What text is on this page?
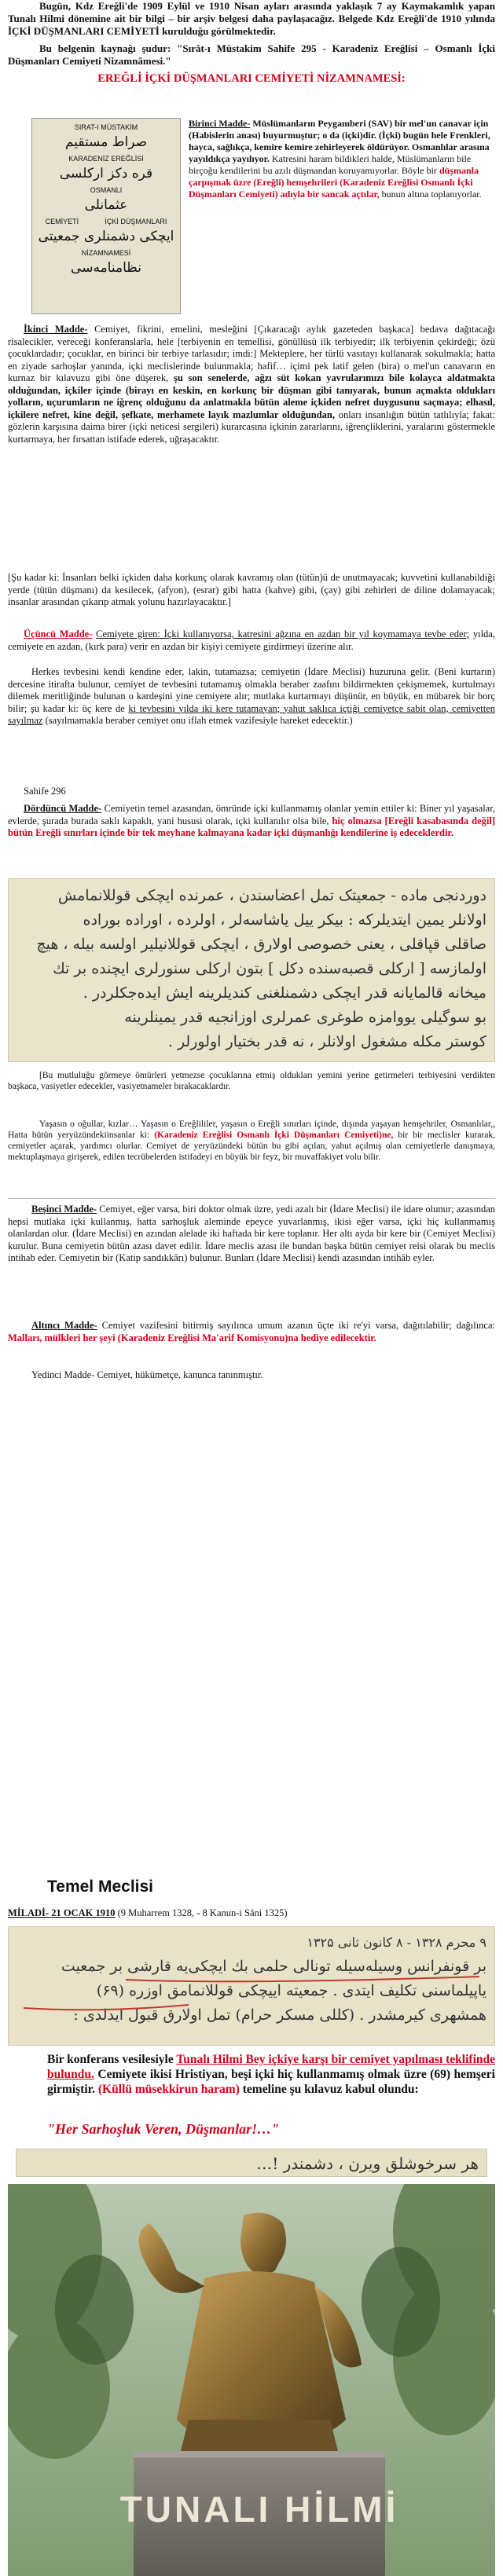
Bugün, Kdz Ereğli'de 1909 Eylül ve 1910 Nisan ayları arasında yaklaşık 7 ay Kaymakamlık yapan Tunalı Hilmi dönemine ait bir bilgi – bir arşiv belgesi daha paylaşacağız. Belgede Kdz Ereğli'de 1910 yılında İÇKİ DÜŞMANLARI CEMİYETİ kurulduğu görülmektedir.

Bu belgenin kaynağı şudur: "Sırât-ı Müstakim Sahife 295 - Karadeniz Ereğlisi – Osmanlı İçki Düşmanları Cemiyeti Nizamnâmesi."

EREĞLİ İÇKİ DÜŞMANLARI CEMİYETİ NİZAMNAMESİ:
SIRAT-I MÜSTAKİM
صراط مستقيم
KARADENİZ EREĞLİSİ
قره دکز ارکلسی
OSMANLI
عثمانلی
CEMİYETİ	İÇKİ DÜŞMANLARI
ايچکی دشمنلری جمعیتی
NİZAMNAMESİ
نظامنامه‌سی
Birinci Madde- Müslümanların Peygamberi (SAV) bir mel'un canavar için (Habislerin anası) buyurmuştur; o da (içki)dir. (İçki) bugün hele Frenkleri, hayca, sağlıkça, kemire kemire zehirleyerek öldürüyor. Osmanlılar arasına yayıldıkça yayılıyor. Katresini haram bildikleri halde, Müslümanların bile birçoğu kendilerini bu azılı düşmandan koruyamıyorlar. Böyle bir düşmanla çarpışmak üzre (Ereğli) hemşehrileri (Karadeniz Ereğlisi Osmanlı İçki Düşmanları Cemiyeti) adıyla bir sancak açtılar, bunun altına toplanıyorlar.
İkinci Madde- Cemiyet, fikrini, emelini, mesleğini [Çıkaracağı aylık gazeteden başkaca] bedava dağıtacağı risalecikler, vereceği konferanslarla, hele [terbiyenin en temellisi, gönüllüsü ilk terbiyedir; ilk terbiyenin çekirdeği; özü çocuklardadır; çocuklar, en birinci bir terbiye tarlasıdır; imdi:] Mekteplere, her türlü vasıtayı kullanarak sokulmakla; hatta en ziyade sarhoşlar yanında, içki meclislerinde bulunmakla; hafif… içimi pek latif gelen (bira) o mel'un canavarın en kurnaz bir kılavuzu gibi öne düşerek, şu son senelerde, ağzı süt kokan yavrularımızı bile kolayca aldatmakta olduğundan, içkiler içinde (birayı en keskin, en korkunç bir düşman gibi tanıyarak, bunun açmakta oldukları yolların, uçurumların ne iğrenç olduğunu da anlatmakla bütün aleme içkiden nefret duygusunu saçmaya; elhasıl, içkilere nefret, kine değil, şefkate, merhamete layık mazlumlar olduğundan, onları insanlığın bütün tatlılıyla; fakat: gözlerin karşısına daima birer (içki neticesi sergileri) kurarcasına içkinin zararlarını, iğrençliklerini, yaralarını göstermekle kurtarmaya, her fırsattan istifade ederek, uğraşacaktır.
[Şu kadar ki: İnsanları belki içkiden daha korkunç olarak kavramış olan (tütün)ü de unutmayacak; kuvvetini kullanabildiği yerde (tütün düşmanı) da kesilecek, (afyon), (esrar) gibi hatta (kahve) gibi, (çay) gibi zehirleri de diline dolamayacak; insanlar arasından çıkarıp atmak yolunu hazırlayacaktır.]
Üçüncü Madde- Cemiyete giren: İçki kullanıyorsa, katresini ağzına en azdan bir yıl koymamaya tevbe eder; yılda, cemiyete en azdan, (kırk para) verir en azdan bir kişiyi cemiyete girdirmeyi üzerine alır.
Herkes tevbesini kendi kendine eder, lakin, tutamazsa; cemiyetin (İdare Meclisi) huzuruna gelir. (Beni kurtarın) dercesine itirafta bulunur, cemiyet de tevbesini tutamamış olmakla beraber zaafını bildirmekten çekişmemek, kurtulmayı dilemek meritliğinde bulunan o kardeşini yine cemiyete alır; mutlaka kurtarmayı düşünür, en büyük, en mübarek bir borç bilir; şu kadar ki: üç kere de ki tevbesini yılda iki kere tutamayan; yahut saklıca içtiği cemiyetçe sabit olan, cemiyetten sayılmaz (sayılmamakla beraber cemiyet onu iflah etmek vazifesiyle hareket edecektir.)
Sahife 296
Dördüncü Madde- Cemiyetin temel azasından, ömründe içki kullanmamış olanlar yemin ettiler ki: Biner yıl yaşasalar, evlerde, şurada burada saklı kapaklı, yani hususi olarak, içki kullanılır olsa bile, hiç olmazsa [Ereğli kasabasında değil] bütün Ereğli sınırları içinde bir tek meyhane kalmayana kadar içki düşmanlığı kendilerine iş edeceklerdir.
دوردنجی ماده - جمعیتک تمل اعضاسندن ، عمرنده ایچکی قوللانمامش
اولانلر یمین ایتدیلرکه : بیکر ییل یاشاسه‌لر ، اولرده ، اوراده بوراده
صاقلی قپاقلی ، یعنی خصوصی اولارق ، ایچکی قوللانیلیر اولسه بیله ، هیچ
اولمازسه [ ارکلی قصبه‌سنده دکل ] بتون ارکلی سنورلری ایچنده بر تك
میخانه قالمایانه قدر ایچکی دشمنلغنی کندیلرینه ایش ایده‌جکلردر .
بو سوگیلی یووامزه طوغری عمرلری اوزانجیه قدر یمینلرینه
کوستر مکله مشغول اولانلر ، نه قدر بختیار اولورلر .
[Bu mutluluğu görmeye ömürleri yetmezse çocuklarına etmiş oldukları yemini yerine getirmeleri terbiyesini verdikten başkaca, vasiyetler edecekler, vasiyetnameler bırakacaklardır.
Yaşasın o oğullar, kızlar… Yaşasın o Ereğlililer, yaşasın o Ereğli sınırları içinde, dışında yaşayan hemşehriler, Osmanlılar,, Hatta bütün yeryüzündekiinsanlar ki: (Karadeniz Ereğlisi Osmanlı İçki Düşmanları Cemiyeti)ne, bir bir meclisler kurarak, cemiyetler açarak, yardımcı olurlar. Cemiyet de yeryüzündeki bütün bu gibi açılan, yahut açılmış olan cemiyetlerle danışmaya, mektuplaşmaya girişerek, edilen tecrübelerden istifadeyi en büyük bir feyz, bir muvaffakiyet volu bilir.
Beşinci Madde- Cemiyet, eğer varsa, biri doktor olmak üzre, yedi azalı bir (İdare Meclisi) ile idare olunur; azasından hepsi mutlaka içki kullanmış, hatta sarhoşluk aleminde epeyce yuvarlanmış, ikisi eğer varsa, içki hiç kullanmamış olanlardan olur. (İdare Meclisi) en azından alelade iki haftada bir kere toplanır. Her altı ayda bir kere bir (Cemiyet Meclisi) kurulur. Buna cemiyetin bütün azası davet edilir. İdare meclis azası ile bundan başka bütün cemiyet reisi olarak bu meclis intihab eder. Cemiyetin bir (Katip sandıkkârı) bulunur. Bunları (İdare Meclisi) kendi azasından intihâb eyler.
Altıncı Madde- Cemiyet vazifesini bitirmiş sayılınca umum azanın üçte iki re'yi varsa, dağıtılabilir; dağılınca: Malları, mülkleri her şeyi (Karadeniz Ereğlisi Ma'arif Komisyonu)na hediye edilecektir.
Yedinci Madde- Cemiyet, hükümetçe, kanunca tanınmıştır.
Temel Meclisi
MİLADİ- 21 OCAK 1910 (9 Muharrem 1328, - 8 Kanun-i Sâni 1325)
۹ محرم ۱۳۲۸ - ۸ کانون ثانی ۱۳۲۵
بر قونفرانس وسیله‌سیله تونالی حلمی بك ایچکی‌یه قارشی بر جمعیت
یاپیلماسنی تکلیف ایتدی . جمعیته اییچکی قوللانمامق اوزره (۶۹)
همشهری کیرمشدر . (کللی مسکر حرام) تمل اولارق قبول ایدلدی :
Bir konferans vesilesiyle Tunalı Hilmi Bey içkiye karşı bir cemiyet yapılması teklifinde bulundu. Cemiyete ikisi Hristiyan, beşi içki hiç kullanmamış olmak üzre (69) hemşeri girmiştir. (Küllü müsekkirun haram) temeline şu kılavuz kabul olundu:
"Her Sarhoşluk Veren, Düşmanlar!…"
هر سرخوشلق ویرن ، دشمندر !…
TUNALI HİLMİ
